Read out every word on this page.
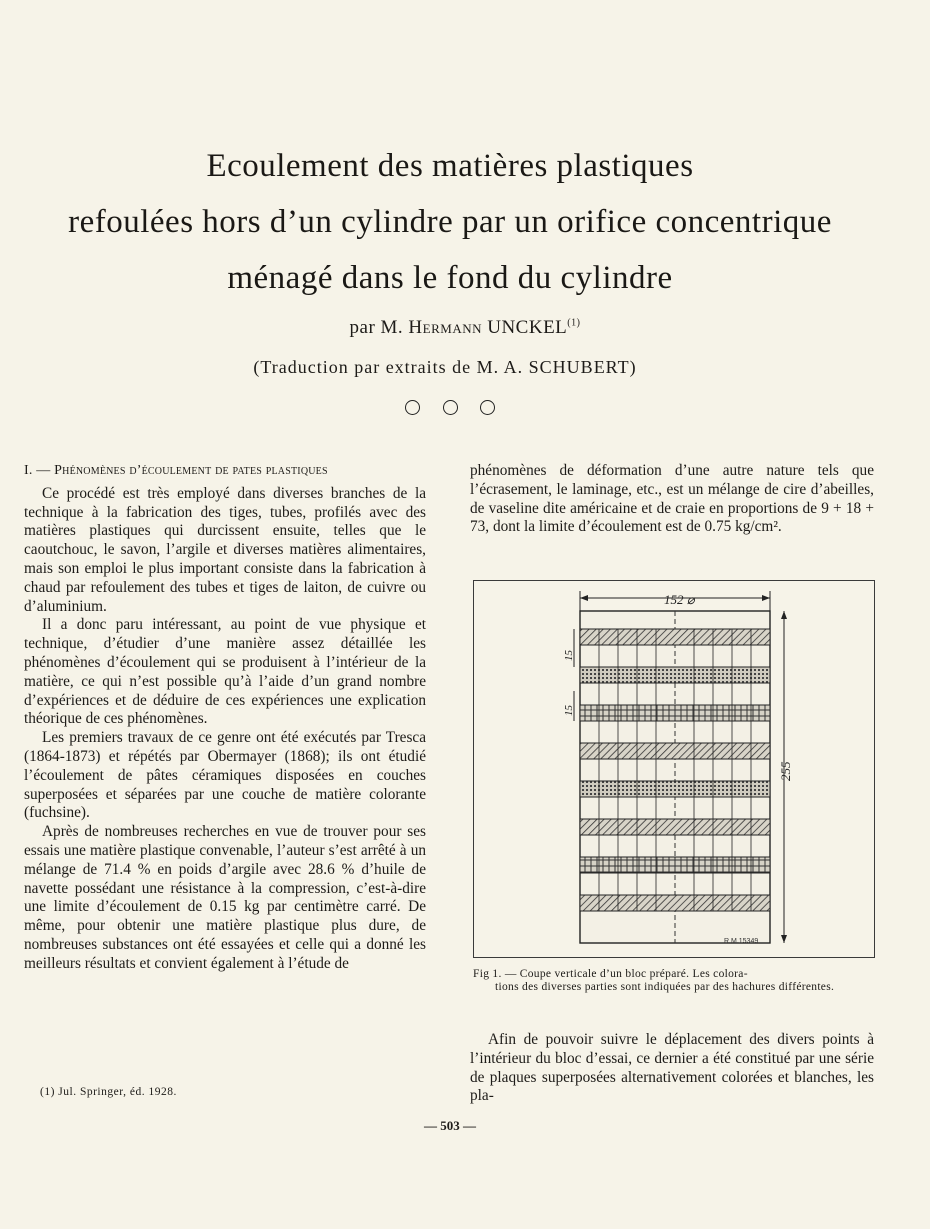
Ecoulement des matières plastiques
refoulées hors d’un cylindre par un orifice concentrique
ménagé dans le fond du cylindre
par M. Hermann UNCKEL$^{(1)}$
(Traduction par extraits de M. A. SCHUBERT)
I. — Phénomènes d’écoulement de pates plastiques

Ce procédé est très employé dans diverses branches de la technique à la fabrication des tiges, tubes, profilés avec des matières plastiques qui durcissent ensuite, telles que le caoutchouc, le savon, l’argile et diverses matières alimentaires, mais son emploi le plus important consiste dans la fabrication à chaud par refoulement des tubes et tiges de laiton, de cuivre ou d’aluminium.

Il a donc paru intéressant, au point de vue physique et technique, d’étudier d’une manière assez détaillée les phénomènes d’écoulement qui se produisent à l’intérieur de la matière, ce qui n’est possible qu’à l’aide d’un grand nombre d’expériences et de déduire de ces expériences une explication théorique de ces phénomènes.

Les premiers travaux de ce genre ont été exécutés par Tresca (1864-1873) et répétés par Obermayer (1868); ils ont étudié l’écoulement de pâtes céramiques disposées en couches superposées et séparées par une couche de matière colorante (fuchsine).

Après de nombreuses recherches en vue de trouver pour ses essais une matière plastique convenable, l’auteur s’est arrêté à un mélange de 71.4 % en poids d’argile avec 28.6 % d’huile de navette possédant une résistance à la compression, c’est-à-dire une limite d’écoulement de 0.15 kg par centimètre carré. De même, pour obtenir une matière plastique plus dure, de nombreuses substances ont été essayées et celle qui a donné les meilleurs résultats et convient également à l’étude de

phénomènes de déformation d’une autre nature tels que l’écrasement, le laminage, etc., est un mélange de cire d’abeilles, de vaseline dite américaine et de craie en proportions de 9 + 18 + 73, dont la limite d’écoulement est de 0.75 kg/cm².

152 ⌀
15
15
255
R.M.15349
Fig 1. — Coupe verticale d’un bloc préparé. Les colora-
tions des diverses parties sont indiquées par des hachures différentes.

Afin de pouvoir suivre le déplacement des divers points à l’intérieur du bloc d’essai, ce dernier a été constitué par une série de plaques superposées alternativement colorées et blanches, les pla-

(1) Jul. Springer, éd. 1928.
— 503 —
